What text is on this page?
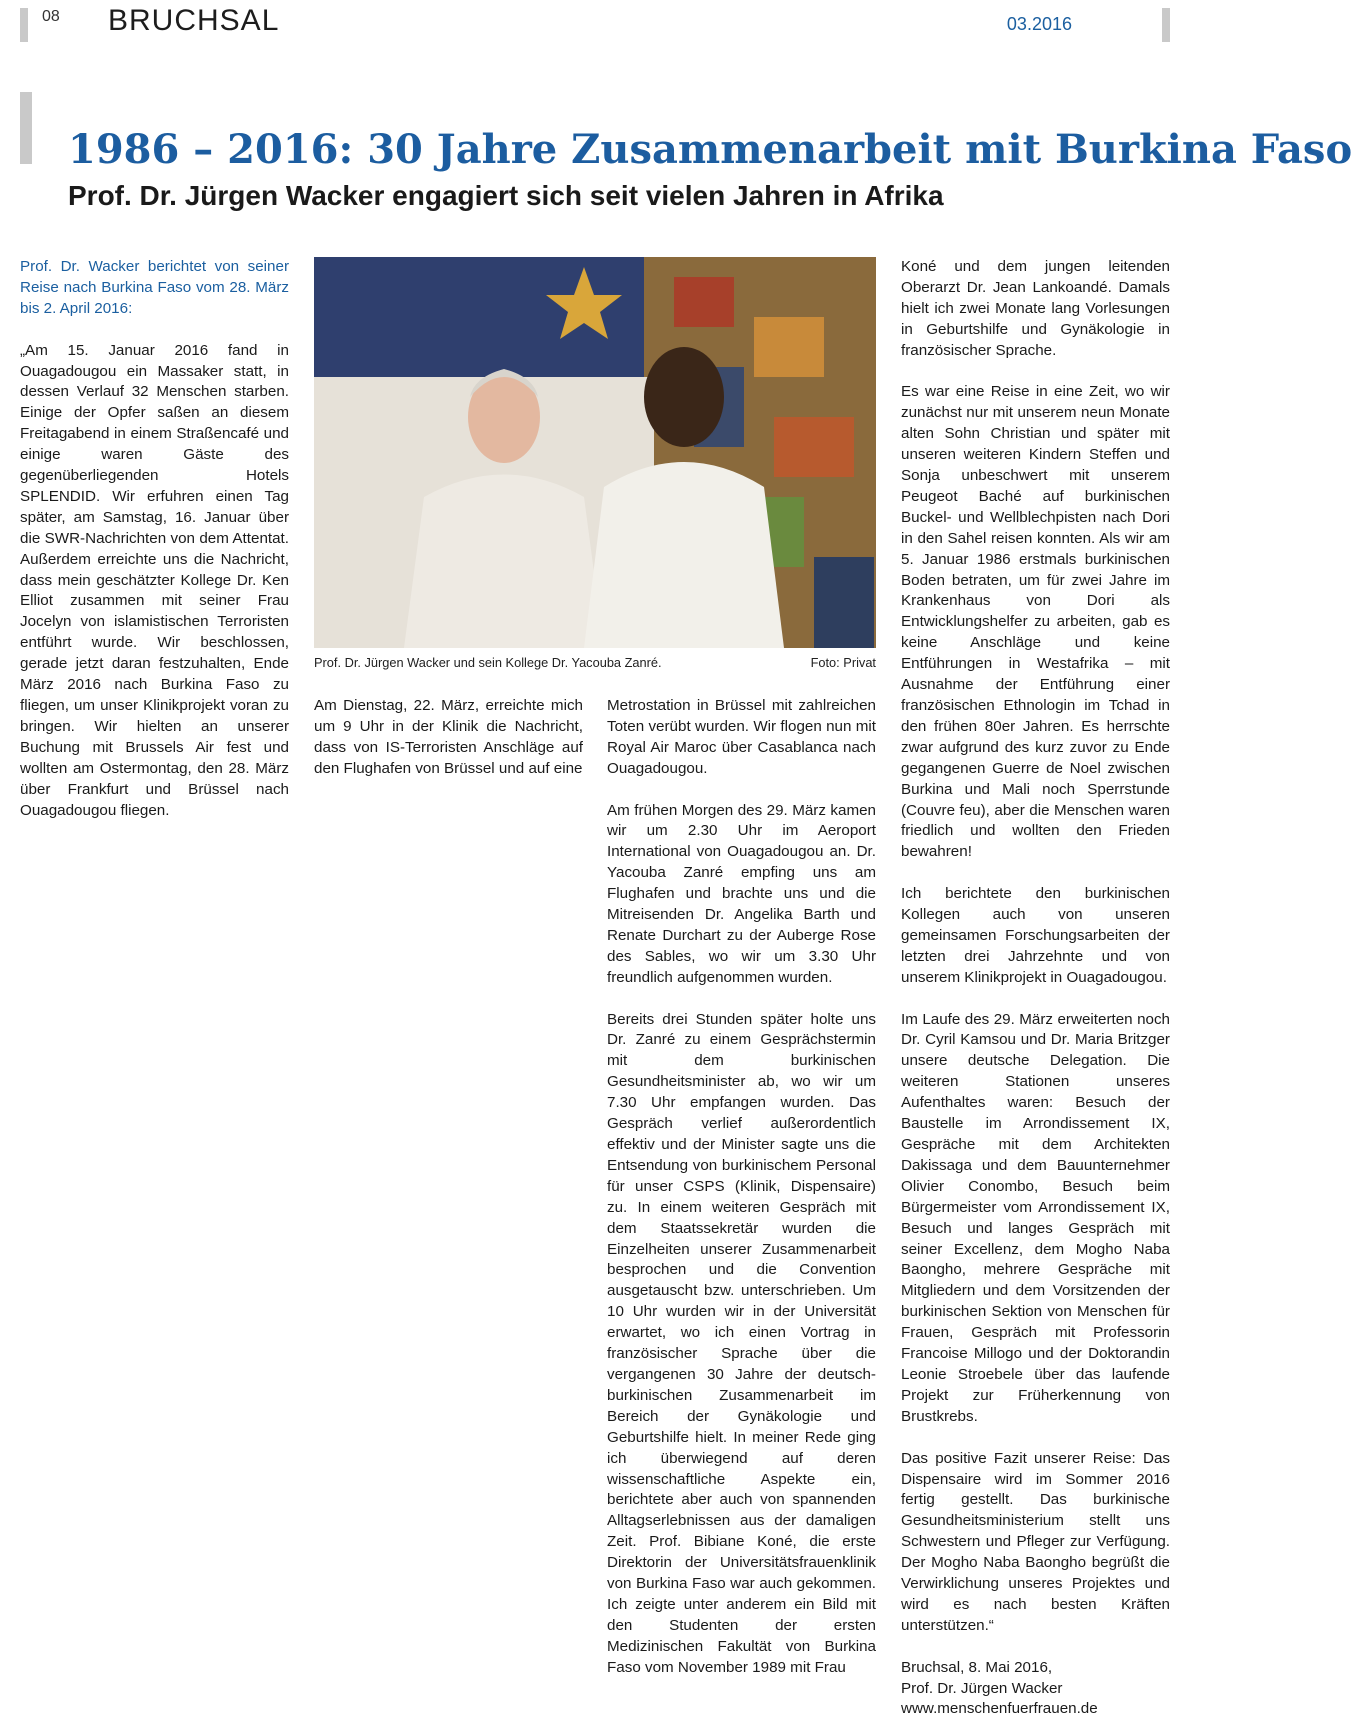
08 BRUCHSAL	03.2016
1986 – 2016: 30 Jahre Zusammenarbeit mit Burkina Faso
Prof. Dr. Jürgen Wacker engagiert sich seit vielen Jahren in Afrika

Prof. Dr. Wacker berichtet von seiner Reise nach Burkina Faso vom 28. März bis 2. April 2016:

„Am 15. Januar 2016 fand in Ouagadougou ein Massaker statt, in dessen Verlauf 32 Menschen starben. Einige der Opfer saßen an diesem Freitagabend in einem Straßencafé und einige waren Gäste des gegenüberliegenden Hotels SPLENDID. Wir erfuhren einen Tag später, am Samstag, 16. Januar über die SWR-Nachrichten von dem Attentat. Außerdem erreichte uns die Nachricht, dass mein geschätzter Kollege Dr. Ken Elliot zusammen mit seiner Frau Jocelyn von islamistischen Terroristen entführt wurde. Wir beschlossen, gerade jetzt daran festzuhalten, Ende März 2016 nach Burkina Faso zu fliegen, um unser Klinikprojekt voran zu bringen. Wir hielten an unserer Buchung mit Brussels Air fest und wollten am Ostermontag, den 28. März über Frankfurt und Brüssel nach Ouagadougou fliegen.

Prof. Dr. Jürgen Wacker und sein Kollege Dr. Yacouba Zanré.	Foto: Privat

Am Dienstag, 22. März, erreichte mich um 9 Uhr in der Klinik die Nachricht, dass von IS-Terroristen Anschläge auf den Flughafen von Brüssel und auf eine

Metrostation in Brüssel mit zahlreichen Toten verübt wurden. Wir flogen nun mit Royal Air Maroc über Casablanca nach Ouagadougou.

Am frühen Morgen des 29. März kamen wir um 2.30 Uhr im Aeroport International von Ouagadougou an. Dr. Yacouba Zanré empfing uns am Flughafen und brachte uns und die Mitreisenden Dr. Angelika Barth und Renate Durchart zu der Auberge Rose des Sables, wo wir um 3.30 Uhr freundlich aufgenommen wurden.

Bereits drei Stunden später holte uns Dr. Zanré zu einem Gesprächstermin mit dem burkinischen Gesundheitsminister ab, wo wir um 7.30 Uhr empfangen wurden. Das Gespräch verlief außerordentlich effektiv und der Minister sagte uns die Entsendung von burkinischem Personal für unser CSPS (Klinik, Dispensaire) zu. In einem weiteren Gespräch mit dem Staatssekretär wurden die Einzelheiten unserer Zusammenarbeit besprochen und die Convention ausgetauscht bzw. unterschrieben. Um 10 Uhr wurden wir in der Universität erwartet, wo ich einen Vortrag in französischer Sprache über die vergangenen 30 Jahre der deutsch-burkinischen Zusammenarbeit im Bereich der Gynäkologie und Geburtshilfe hielt. In meiner Rede ging ich überwiegend auf deren wissenschaftliche Aspekte ein, berichtete aber auch von spannenden Alltagserlebnissen aus der damaligen Zeit. Prof. Bibiane Koné, die erste Direktorin der Universitätsfrauenklinik von Burkina Faso war auch gekommen. Ich zeigte unter anderem ein Bild mit den Studenten der ersten Medizinischen Fakultät von Burkina Faso vom November 1989 mit Frau

Koné und dem jungen leitenden Oberarzt Dr. Jean Lankoandé. Damals hielt ich zwei Monate lang Vorlesungen in Geburtshilfe und Gynäkologie in französischer Sprache.

Es war eine Reise in eine Zeit, wo wir zunächst nur mit unserem neun Monate alten Sohn Christian und später mit unseren weiteren Kindern Steffen und Sonja unbeschwert mit unserem Peugeot Baché auf burkinischen Buckel- und Wellblechpisten nach Dori in den Sahel reisen konnten. Als wir am 5. Januar 1986 erstmals burkinischen Boden betraten, um für zwei Jahre im Krankenhaus von Dori als Entwicklungshelfer zu arbeiten, gab es keine Anschläge und keine Entführungen in Westafrika – mit Ausnahme der Entführung einer französischen Ethnologin im Tchad in den frühen 80er Jahren. Es herrschte zwar aufgrund des kurz zuvor zu Ende gegangenen Guerre de Noel zwischen Burkina und Mali noch Sperrstunde (Couvre feu), aber die Menschen waren friedlich und wollten den Frieden bewahren!

Ich berichtete den burkinischen Kollegen auch von unseren gemeinsamen Forschungsarbeiten der letzten drei Jahrzehnte und von unserem Klinikprojekt in Ouagadougou.

Im Laufe des 29. März erweiterten noch Dr. Cyril Kamsou und Dr. Maria Britzger unsere deutsche Delegation. Die weiteren Stationen unseres Aufenthaltes waren: Besuch der Baustelle im Arrondissement IX, Gespräche mit dem Architekten Dakissaga und dem Bauunternehmer Olivier Conombo, Besuch beim Bürgermeister vom Arrondissement IX, Besuch und langes Gespräch mit seiner Excellenz, dem Mogho Naba Baongho, mehrere Gespräche mit Mitgliedern und dem Vorsitzenden der burkinischen Sektion von Menschen für Frauen, Gespräch mit Professorin Francoise Millogo und der Doktorandin Leonie Stroebele über das laufende Projekt zur Früherkennung von Brustkrebs.

Das positive Fazit unserer Reise: Das Dispensaire wird im Sommer 2016 fertig gestellt. Das burkinische Gesundheitsministerium stellt uns Schwestern und Pfleger zur Verfügung. Der Mogho Naba Baongho begrüßt die Verwirklichung unseres Projektes und wird es nach besten Kräften unterstützen.“

Bruchsal, 8. Mai 2016,

Prof. Dr. Jürgen Wacker

www.menschenfuerfrauen.de
